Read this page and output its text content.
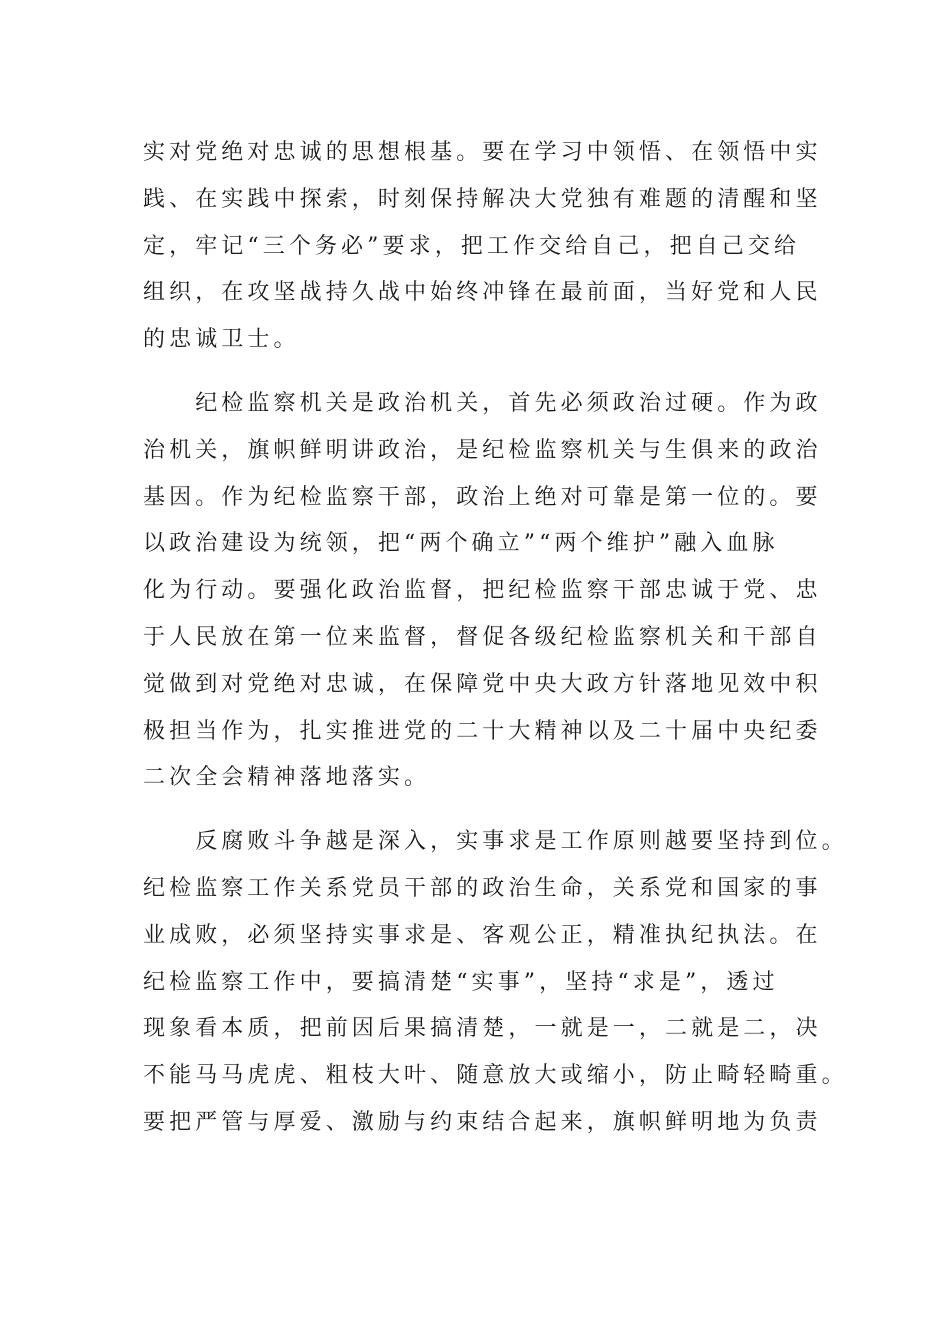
实对党绝对忠诚的思想根基。要在学习中领悟、在领悟中实
践、在实践中探索，时刻保持解决大党独有难题的清醒和坚
定，牢记“三个务必”要求，把工作交给自己，把自己交给
组织，在攻坚战持久战中始终冲锋在最前面，当好党和人民
的忠诚卫士。
　　纪检监察机关是政治机关，首先必须政治过硬。作为政
治机关，旗帜鲜明讲政治，是纪检监察机关与生俱来的政治
基因。作为纪检监察干部，政治上绝对可靠是第一位的。要
以政治建设为统领，把“两个确立”“两个维护”融入血脉
化为行动。要强化政治监督，把纪检监察干部忠诚于党、忠
于人民放在第一位来监督，督促各级纪检监察机关和干部自
觉做到对党绝对忠诚，在保障党中央大政方针落地见效中积
极担当作为，扎实推进党的二十大精神以及二十届中央纪委
二次全会精神落地落实。
　　反腐败斗争越是深入，实事求是工作原则越要坚持到位。
纪检监察工作关系党员干部的政治生命，关系党和国家的事
业成败，必须坚持实事求是、客观公正，精准执纪执法。在
纪检监察工作中，要搞清楚“实事”，坚持“求是”，透过
现象看本质，把前因后果搞清楚，一就是一，二就是二，决
不能马马虎虎、粗枝大叶、随意放大或缩小，防止畸轻畸重。
要把严管与厚爱、激励与约束结合起来，旗帜鲜明地为负责
